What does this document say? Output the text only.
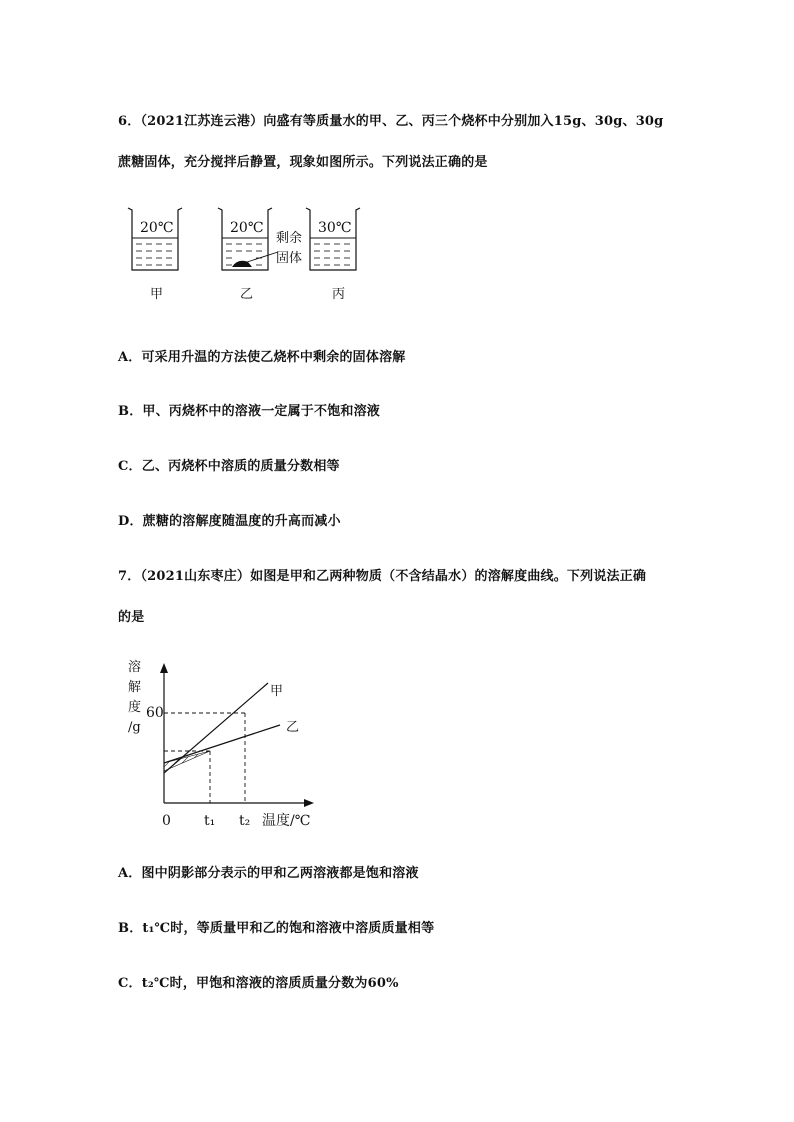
6．（2021江苏连云港）向盛有等质量水的甲、乙、丙三个烧杯中分别加入15g、30g、30g
蔗糖固体，充分搅拌后静置，现象如图所示。下列说法正确的是
20℃
甲
20℃
剩余
固体
乙
30℃
丙
A．可采用升温的方法使乙烧杯中剩余的固体溶解
B．甲、丙烧杯中的溶液一定属于不饱和溶液
C．乙、丙烧杯中溶质的质量分数相等
D．蔗糖的溶解度随温度的升高而减小
7．（2021山东枣庄）如图是甲和乙两种物质（不含结晶水）的溶解度曲线。下列说法正确
的是
溶
解
度
/g
60
0 t₁ t₂ 温度/℃
甲
乙
A．图中阴影部分表示的甲和乙两溶液都是饱和溶液
B．t₁℃时，等质量甲和乙的饱和溶液中溶质质量相等
C．t₂℃时，甲饱和溶液的溶质质量分数为60%
